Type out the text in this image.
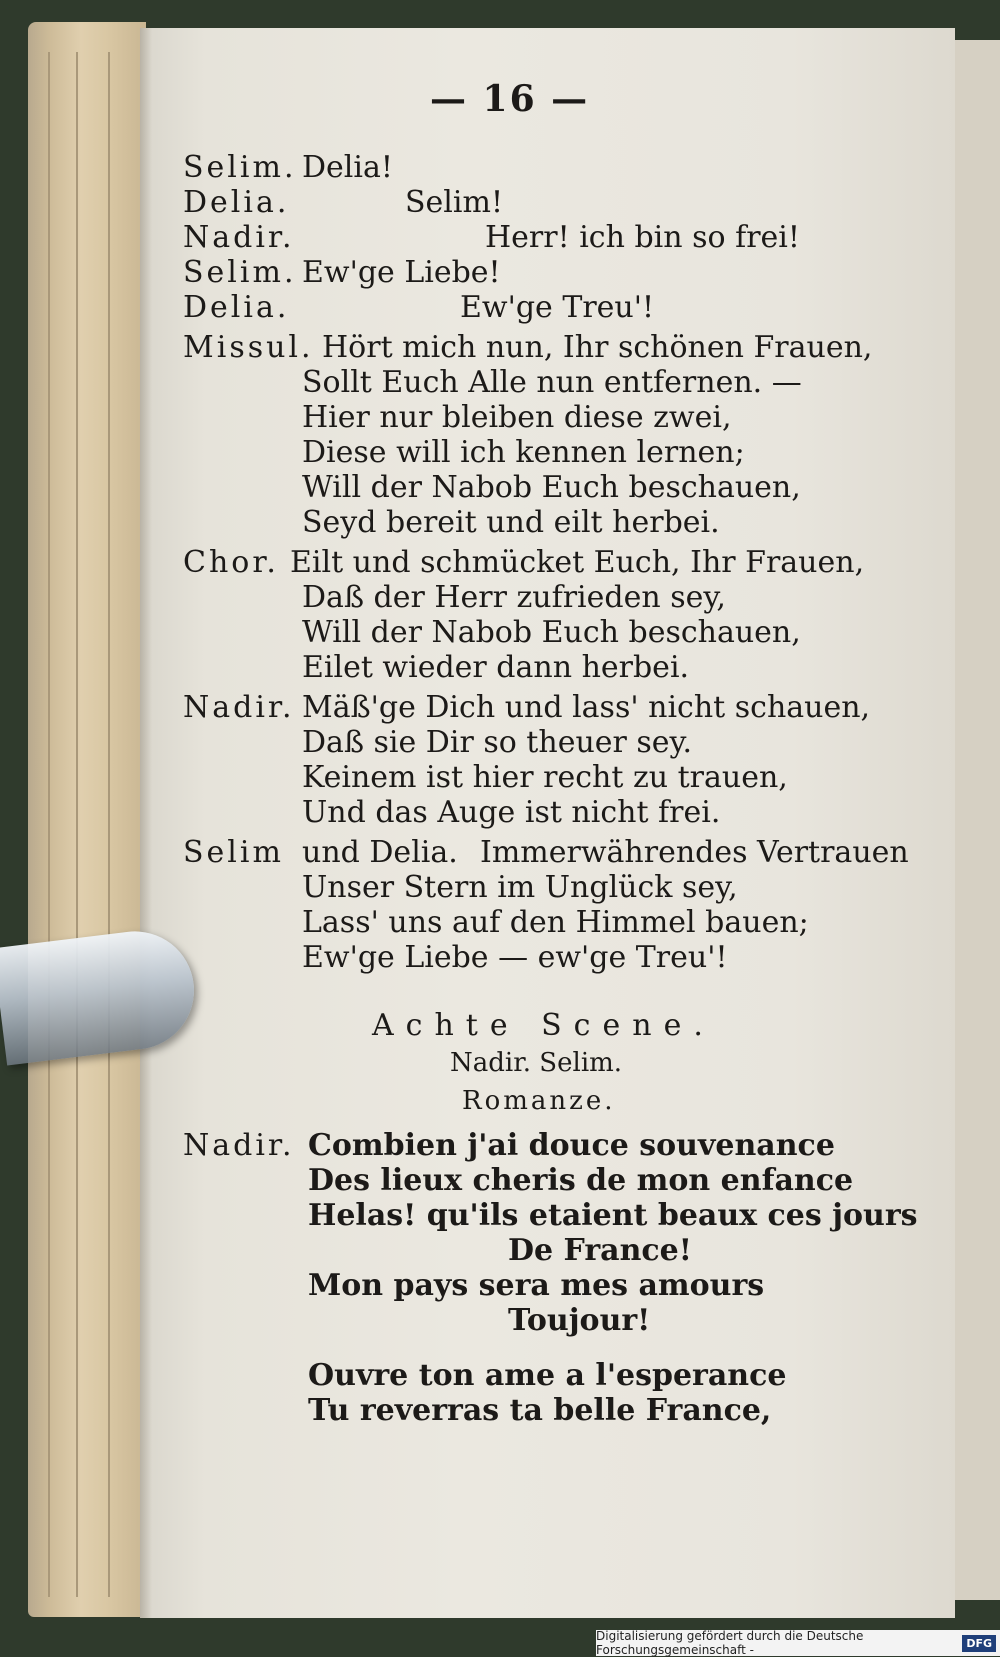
— 16 —
Selim. Delia!
Delia.	Selim!
Nadir.	Herr! ich bin so frei!
Selim. Ew'ge Liebe!
Delia.	Ew'ge Treu'!
Missul. Hört mich nun, Ihr schönen Frauen,
Sollt Euch Alle nun entfernen. —
Hier nur bleiben diese zwei,
Diese will ich kennen lernen;
Will der Nabob Euch beschauen,
Seyd bereit und eilt herbei.
Chor. Eilt und schmücket Euch, Ihr Frauen,
Daß der Herr zufrieden sey,
Will der Nabob Euch beschauen,
Eilet wieder dann herbei.
Nadir. Mäß'ge Dich und lass' nicht schauen,
Daß sie Dir so theuer sey.
Keinem ist hier recht zu trauen,
Und das Auge ist nicht frei.
Selim und Delia. Immerwährendes Vertrauen
Unser Stern im Unglück sey,
Lass' uns auf den Himmel bauen;
Ew'ge Liebe — ew'ge Treu'!
Achte Scene.
Nadir. Selim.
Romanze.
Nadir. Combien j'ai douce souvenance
Des lieux cheris de mon enfance
Helas! qu'ils etaient beaux ces jours
De France!
Mon pays sera mes amours
Toujour!
Ouvre ton ame a l'esperance
Tu reverras ta belle France,
Digitalisierung gefördert durch die Deutsche Forschungsgemeinschaft -	DFG
